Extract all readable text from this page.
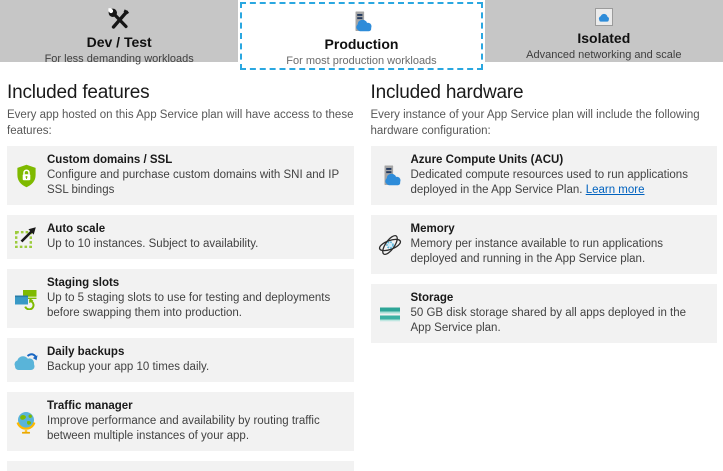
Dev / Test
For less demanding workloads
Production
For most production workloads
Isolated
Advanced networking and scale
Included features

Every app hosted on this App Service plan will have access to these features:

Custom domains / SSL
Configure and purchase custom domains with SNI and IP SSL bindings
Auto scale
Up to 10 instances. Subject to availability.
Staging slots
Up to 5 staging slots to use for testing and deployments before swapping them into production.
Daily backups
Backup your app 10 times daily.
Traffic manager
Improve performance and availability by routing traffic between multiple instances of your app.
Included hardware

Every instance of your App Service plan will include the following hardware configuration:

Azure Compute Units (ACU)
Dedicated compute resources used to run applications deployed in the App Service Plan. Learn more
Memory
Memory per instance available to run applications deployed and running in the App Service plan.
Storage
50 GB disk storage shared by all apps deployed in the App Service plan.
